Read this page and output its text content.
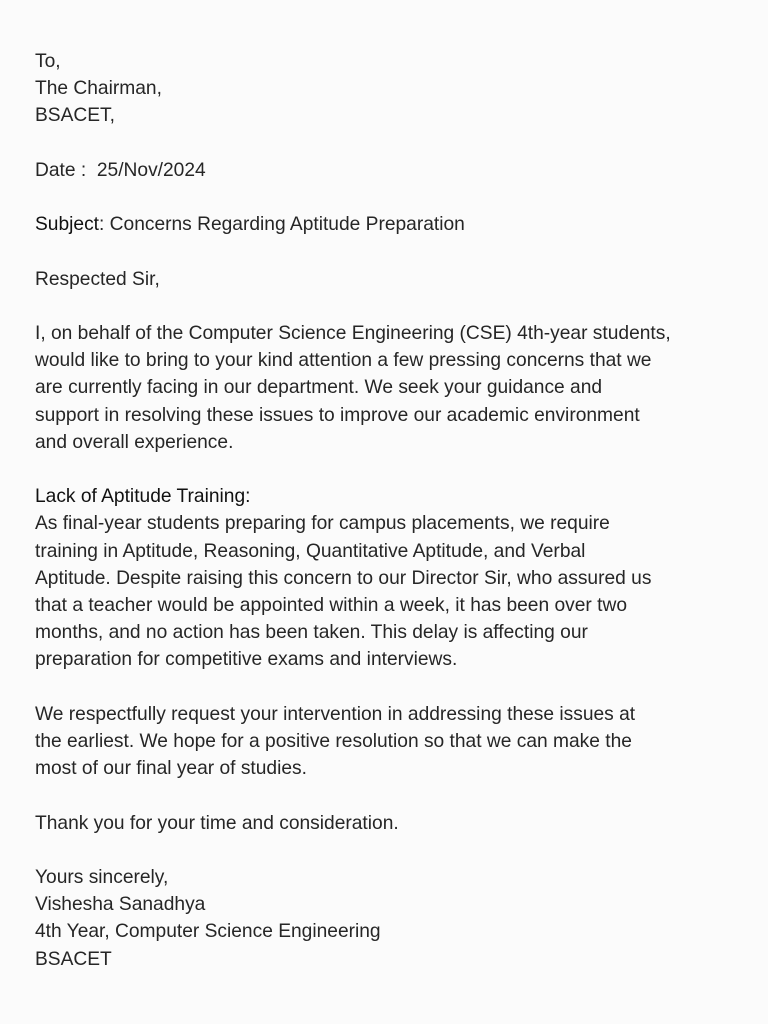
To,
The Chairman,
BSACET,
Date : 25/Nov/2024
Subject: Concerns Regarding Aptitude Preparation
Respected Sir,
I, on behalf of the Computer Science Engineering (CSE) 4th-year students,
would like to bring to your kind attention a few pressing concerns that we
are currently facing in our department. We seek your guidance and
support in resolving these issues to improve our academic environment
and overall experience.
Lack of Aptitude Training:
As final-year students preparing for campus placements, we require
training in Aptitude, Reasoning, Quantitative Aptitude, and Verbal
Aptitude. Despite raising this concern to our Director Sir, who assured us
that a teacher would be appointed within a week, it has been over two
months, and no action has been taken. This delay is affecting our
preparation for competitive exams and interviews.
We respectfully request your intervention in addressing these issues at
the earliest. We hope for a positive resolution so that we can make the
most of our final year of studies.
Thank you for your time and consideration.
Yours sincerely,
Vishesha Sanadhya
4th Year, Computer Science Engineering
BSACET
